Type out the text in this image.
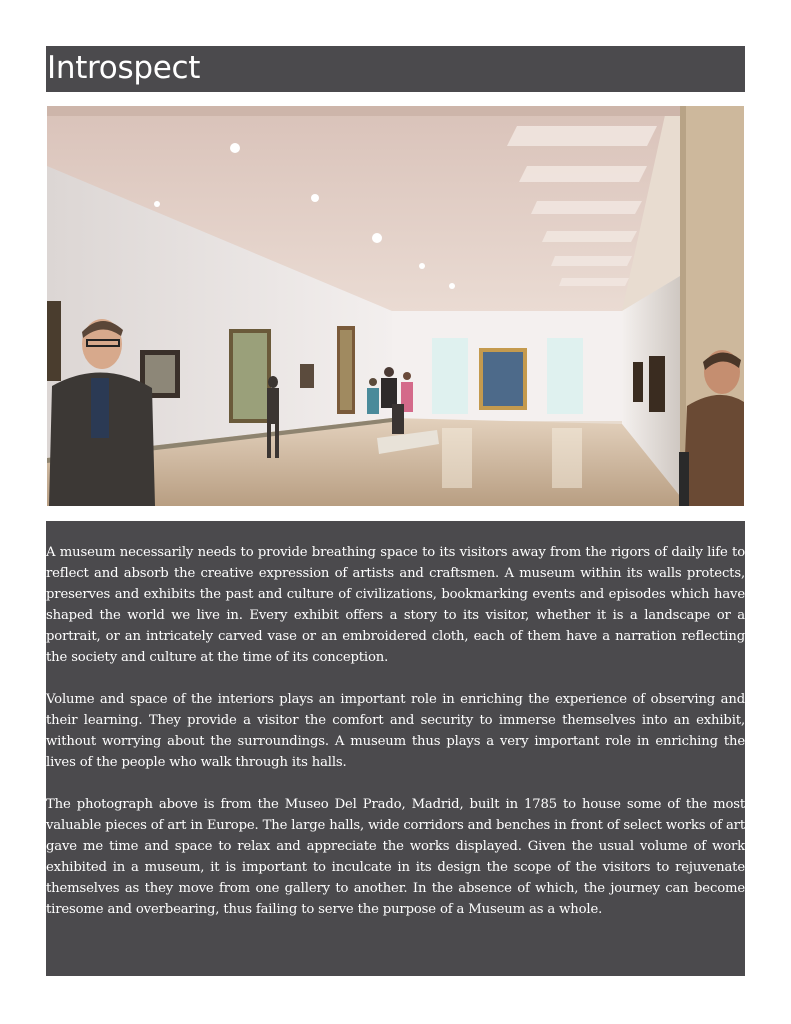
Introspect

A museum necessarily needs to provide breathing space to its visitors away from the rigors of daily life to reflect and absorb the creative expression of artists and craftsmen. A museum within its walls protects, preserves and exhibits the past and culture of civilizations, bookmarking events and episodes which have shaped the world we live in. Every exhibit offers a story to its visitor, whether it is a landscape or a portrait, or an intricately carved vase or an embroidered cloth, each of them have a narration reflecting the society and culture at the time of its conception.

Volume and space of the interiors plays an important role in enriching the experience of observing and their learning. They provide a visitor the comfort and security to immerse themselves into an exhibit, without worrying about the surroundings. A museum thus plays a very important role in enriching the lives of the people who walk through its halls.

The photograph above is from the Museo Del Prado, Madrid, built in 1785 to house some of the most valuable pieces of art in Europe. The large halls, wide corridors and benches in front of select works of art gave me time and space to relax and appreciate the works displayed. Given the usual volume of work exhibited in a museum, it is important to inculcate in its design the scope of the visitors to rejuvenate themselves as they move from one gallery to another. In the absence of which, the journey can become tiresome and overbearing, thus failing to serve the purpose of a Museum as a whole.
